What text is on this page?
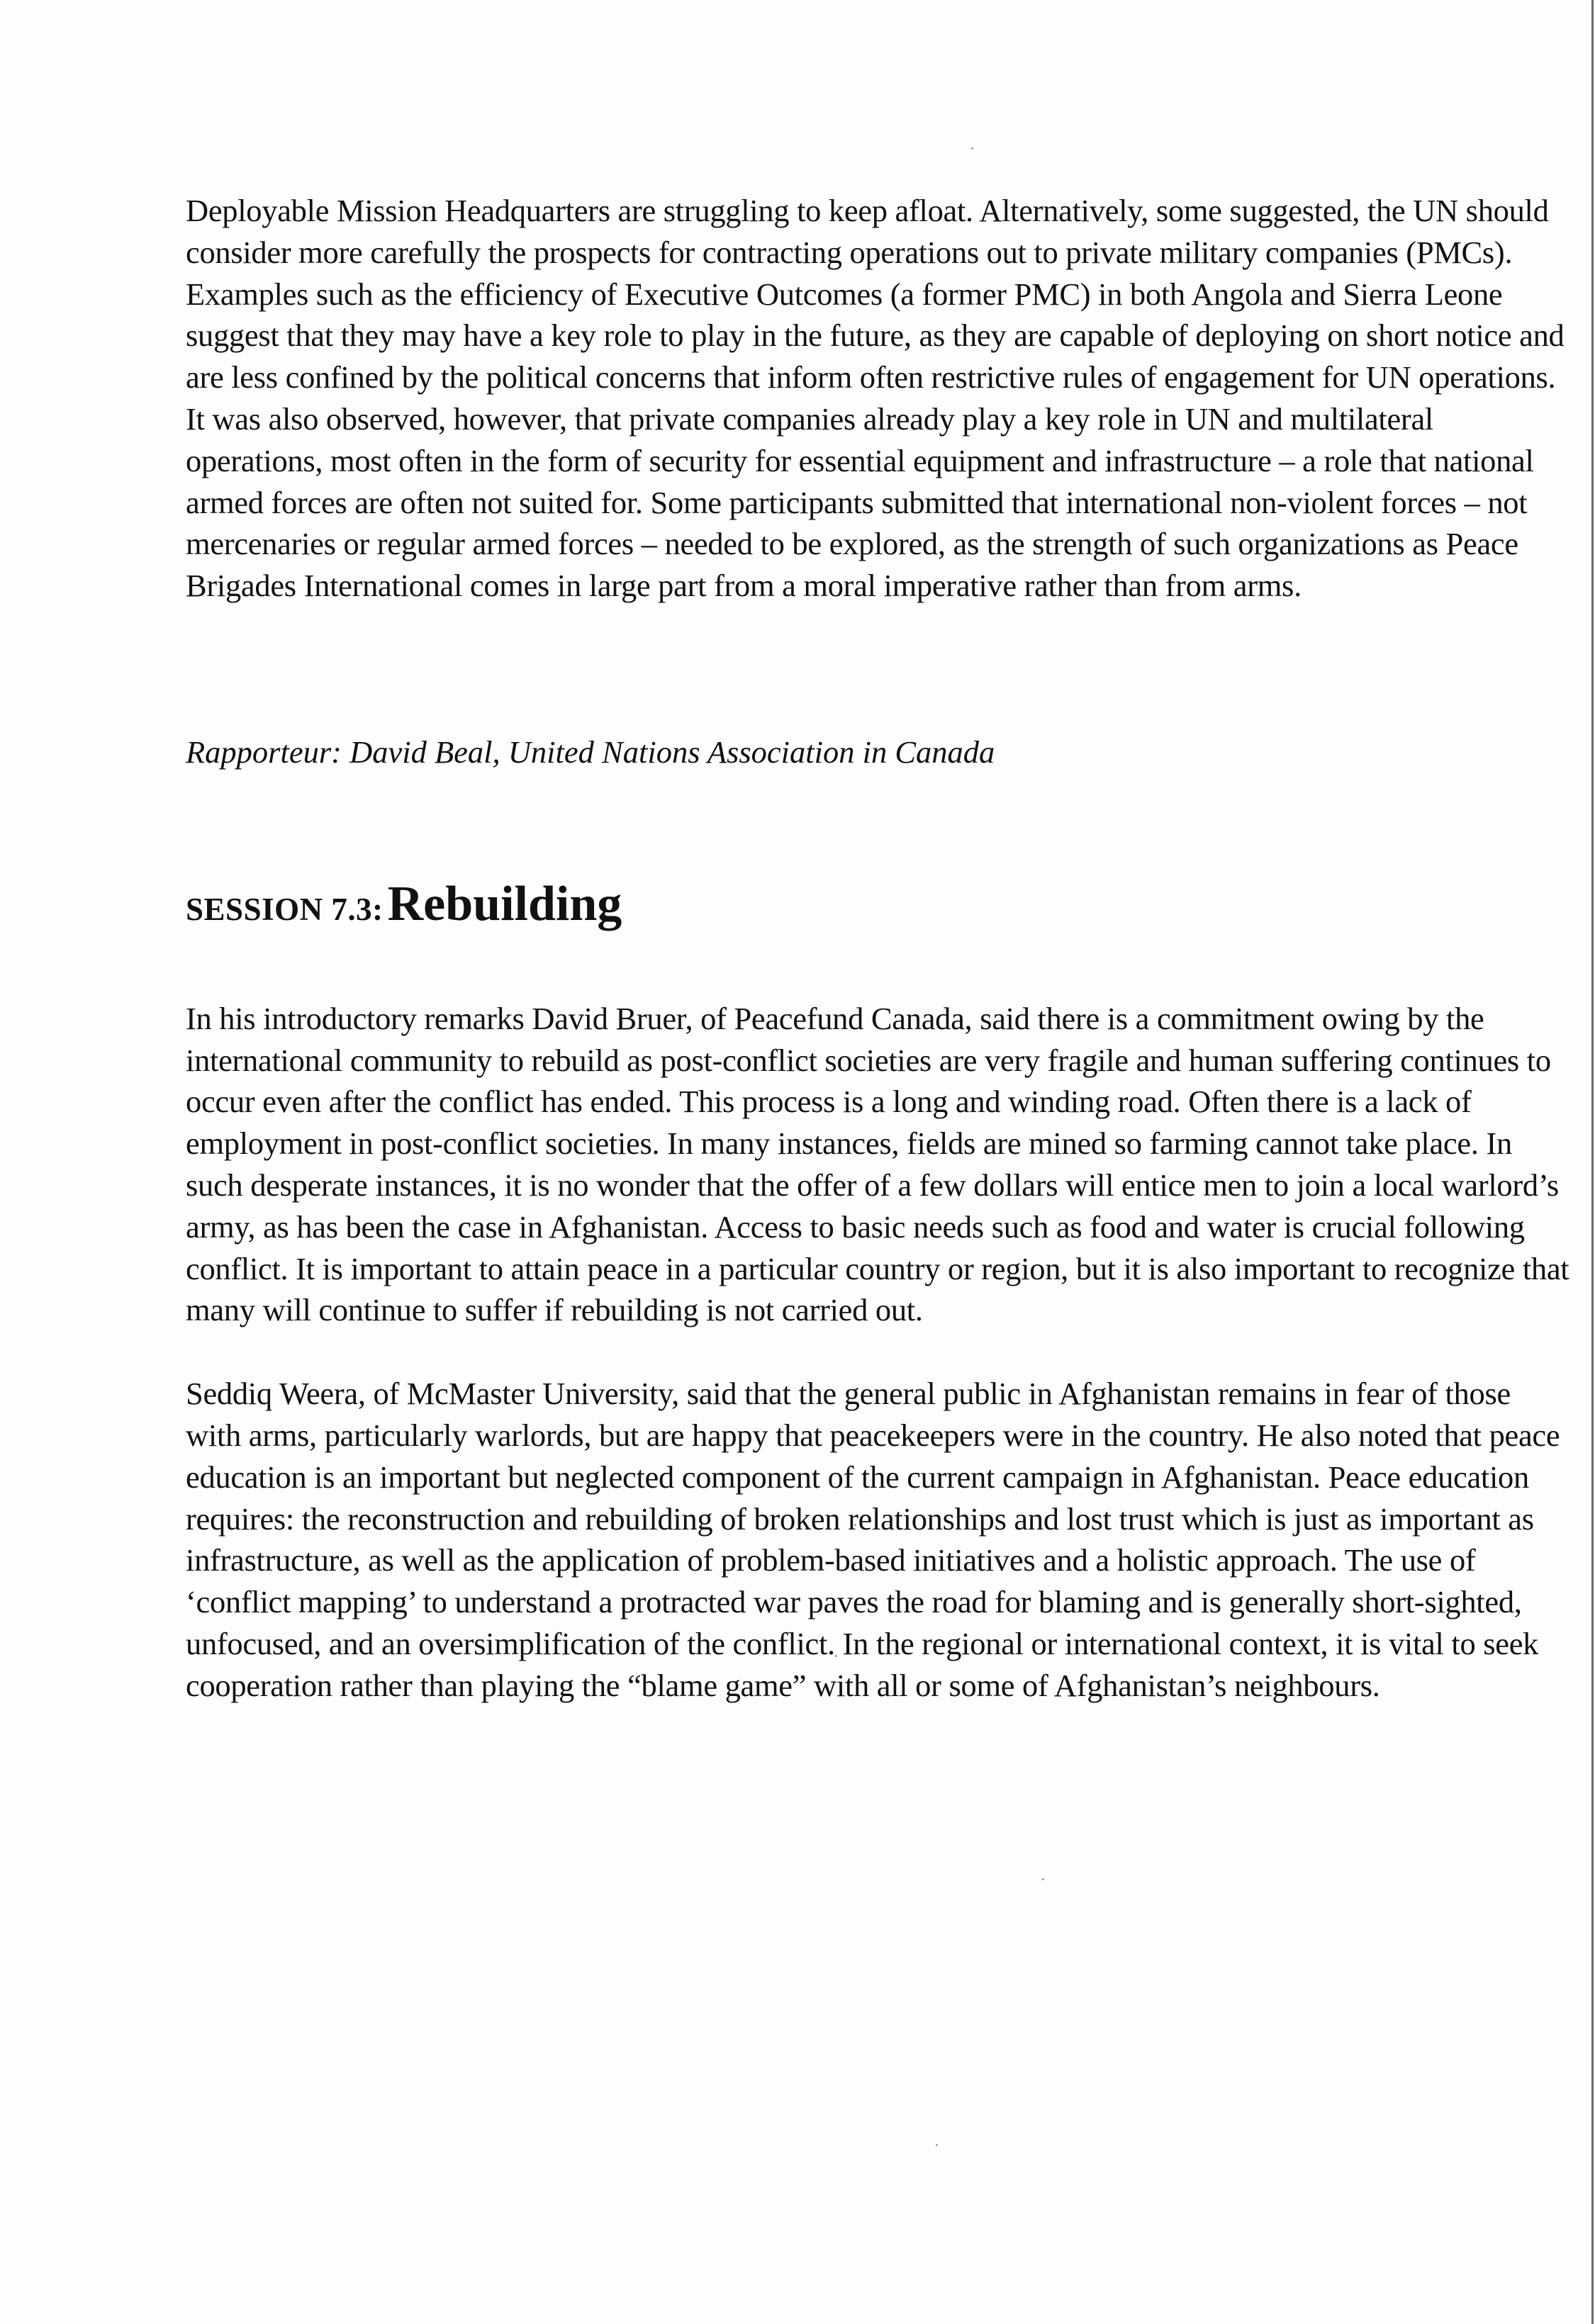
Deployable Mission Headquarters are struggling to keep afloat. Alternatively, some suggested, the UN should consider more carefully the prospects for contracting operations out to private military companies (PMCs). Examples such as the efficiency of Executive Outcomes (a former PMC) in both Angola and Sierra Leone suggest that they may have a key role to play in the future, as they are capable of deploying on short notice and are less confined by the political concerns that inform often restrictive rules of engagement for UN operations. It was also observed, however, that private companies already play a key role in UN and multilateral operations, most often in the form of security for essential equipment and infrastructure – a role that national armed forces are often not suited for. Some participants submitted that international non-violent forces – not mercenaries or regular armed forces – needed to be explored, as the strength of such organizations as Peace Brigades International comes in large part from a moral imperative rather than from arms.

Rapporteur: David Beal, United Nations Association in Canada

SESSION 7.3: Rebuilding

In his introductory remarks David Bruer, of Peacefund Canada, said there is a commitment owing by the international community to rebuild as post-conflict societies are very fragile and human suffering continues to occur even after the conflict has ended. This process is a long and winding road. Often there is a lack of employment in post-conflict societies. In many instances, fields are mined so farming cannot take place. In such desperate instances, it is no wonder that the offer of a few dollars will entice men to join a local warlord’s army, as has been the case in Afghanistan. Access to basic needs such as food and water is crucial following conflict. It is important to attain peace in a particular country or region, but it is also important to recognize that many will continue to suffer if rebuilding is not carried out.

Seddiq Weera, of McMaster University, said that the general public in Afghanistan remains in fear of those with arms, particularly warlords, but are happy that peacekeepers were in the country. He also noted that peace education is an important but neglected component of the current campaign in Afghanistan. Peace education requires: the reconstruction and rebuilding of broken relationships and lost trust which is just as important as infrastructure, as well as the application of problem-based initiatives and a holistic approach. The use of ‘conflict mapping’ to understand a protracted war paves the road for blaming and is generally short-sighted, unfocused, and an oversimplification of the conflict. In the regional or international context, it is vital to seek cooperation rather than playing the “blame game” with all or some of Afghanistan’s neighbours.
